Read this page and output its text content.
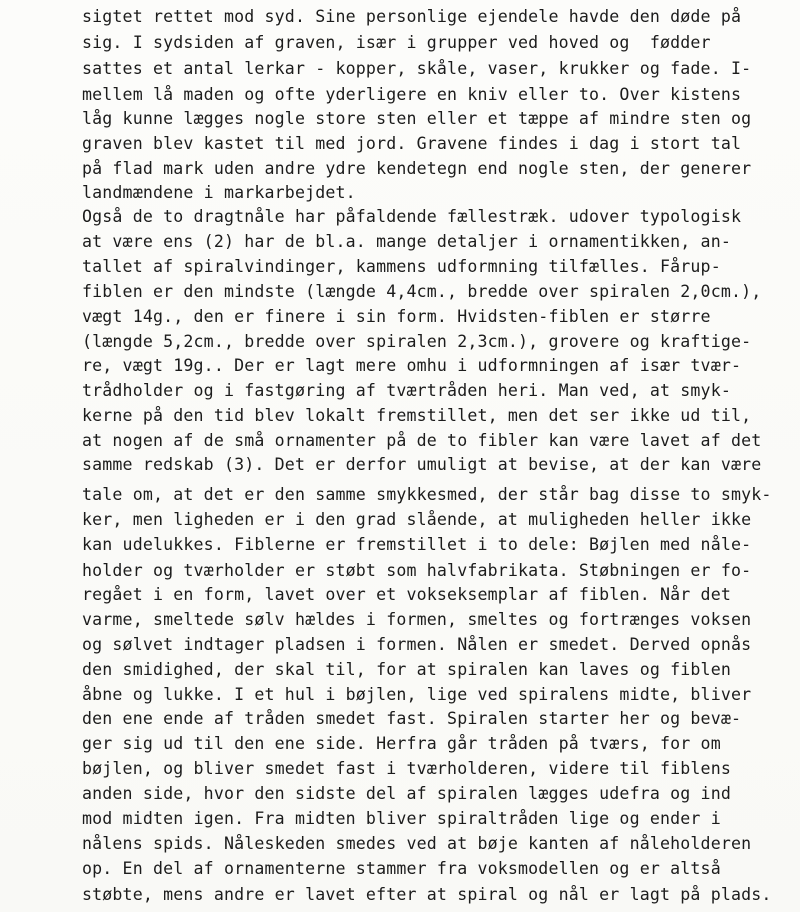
sigtet rettet mod syd. Sine personlige ejendele havde den døde på
sig. I sydsiden af graven, især i grupper ved hoved og  fødder
sattes et antal lerkar - kopper, skåle, vaser, krukker og fade. I-
mellem lå maden og ofte yderligere en kniv eller to. Over kistens
låg kunne lægges nogle store sten eller et tæppe af mindre sten og
graven blev kastet til med jord. Gravene findes i dag i stort tal
på flad mark uden andre ydre kendetegn end nogle sten, der generer
landmændene i markarbejdet.
Også de to dragtnåle har påfaldende fællestræk. udover typologisk
at være ens (2) har de bl.a. mange detaljer i ornamentikken, an-
tallet af spiralvindinger, kammens udformning tilfælles. Fårup-
fiblen er den mindste (længde 4,4cm., bredde over spiralen 2,0cm.),
vægt 14g., den er finere i sin form. Hvidsten-fiblen er større
(længde 5,2cm., bredde over spiralen 2,3cm.), grovere og kraftige-
re, vægt 19g.. Der er lagt mere omhu i udformningen af især tvær-
trådholder og i fastgøring af tværtråden heri. Man ved, at smyk-
kerne på den tid blev lokalt fremstillet, men det ser ikke ud til,
at nogen af de små ornamenter på de to fibler kan være lavet af det
samme redskab (3). Det er derfor umuligt at bevise, at der kan være
tale om, at det er den samme smykkesmed, der står bag disse to smyk-
ker, men ligheden er i den grad slående, at muligheden heller ikke
kan udelukkes. Fiblerne er fremstillet i to dele: Bøjlen med nåle-
holder og tværholder er støbt som halvfabrikata. Støbningen er fo-
regået i en form, lavet over et vokseksemplar af fiblen. Når det
varme, smeltede sølv hældes i formen, smeltes og fortrænges voksen
og sølvet indtager pladsen i formen. Nålen er smedet. Derved opnås
den smidighed, der skal til, for at spiralen kan laves og fiblen
åbne og lukke. I et hul i bøjlen, lige ved spiralens midte, bliver
den ene ende af tråden smedet fast. Spiralen starter her og bevæ-
ger sig ud til den ene side. Herfra går tråden på tværs, for om
bøjlen, og bliver smedet fast i tværholderen, videre til fiblens
anden side, hvor den sidste del af spiralen lægges udefra og ind
mod midten igen. Fra midten bliver spiraltråden lige og ender i
nålens spids. Nåleskeden smedes ved at bøje kanten af nåleholderen
op. En del af ornamenterne stammer fra voksmodellen og er altså
støbte, mens andre er lavet efter at spiral og nål er lagt på plads.
